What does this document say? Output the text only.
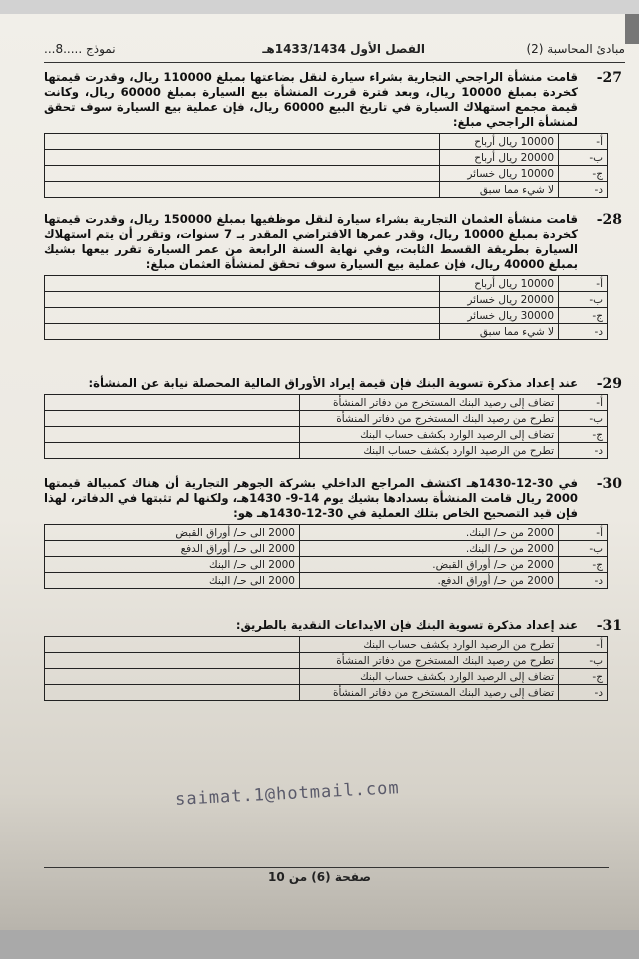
مبادئ المحاسبة (2)
الفصل الأول 1433/1434هـ
نموذج .....8...
27-
قامت منشأة الراجحي التجارية بشراء سيارة لنقل بضاعتها بمبلغ 110000 ريال، وقدرت قيمتها كخردة بمبلغ 10000 ريال، وبعد فترة قررت المنشأة بيع السيارة بمبلغ 60000 ريال، وكانت قيمة مجمع استهلاك السيارة في تاريخ البيع 60000 ريال، فإن عملية بيع السيارة سوف تحقق لمنشأة الراجحي مبلغ:
أ-	10000 ريال أرباح	
ب-	20000 ريال أرباح	
ج-	10000 ريال خسائر	
د-	لا شيء مما سبق	
28-
قامت منشأة العثمان التجارية بشراء سيارة لنقل موظفيها بمبلغ 150000 ريال، وقدرت قيمتها كخردة بمبلغ 10000 ريال، وقدر عمرها الافتراضي المقدر بـ 7 سنوات، وتقرر أن يتم استهلاك السيارة بطريقة القسط الثابت، وفي نهاية السنة الرابعة من عمر السيارة تقرر بيعها بشيك بمبلغ 40000 ريال، فإن عملية بيع السيارة سوف تحقق لمنشأة العثمان مبلغ:
أ-	10000 ريال أرباح	
ب-	20000 ريال خسائر	
ج-	30000 ريال خسائر	
د-	لا شيء مما سبق	
29-
عند إعداد مذكرة تسوية البنك فإن قيمة إيراد الأوراق المالية المحصلة نيابة عن المنشأة:
أ-	تضاف إلى رصيد البنك المستخرج من دفاتر المنشأة	
ب-	تطرح من رصيد البنك المستخرج من دفاتر المنشأة	
ج-	تضاف إلى الرصيد الوارد بكشف حساب البنك	
د-	تطرح من الرصيد الوارد بكشف حساب البنك	
30-
في 30-12-1430هـ اكتشف المراجع الداخلي بشركة الجوهر التجارية أن هناك كمبيالة قيمتها 2000 ريال قامت المنشأة بسدادها بشيك يوم 14-9- 1430هـ، ولكنها لم تثبتها في الدفاتر، لهذا فإن قيد التصحيح الخاص بتلك العملية في 30-12-1430هـ هو:
أ-	2000 من حـ/ البنك.	2000 الى حـ/ أوراق القبض
ب-	2000 من حـ/ البنك.	2000 الى حـ/ أوراق الدفع
ج-	2000 من حـ/ أوراق القبض.	2000 الى حـ/ البنك
د-	2000 من حـ/ أوراق الدفع.	2000 الى حـ/ البنك
31-
عند إعداد مذكرة تسوية البنك فإن الايداعات النقدية بالطريق:
أ-	تطرح من الرصيد الوارد بكشف حساب البنك	
ب-	تطرح من رصيد البنك المستخرج من دفاتر المنشأة	
ج-	تضاف إلى الرصيد الوارد بكشف حساب البنك	
د-	تضاف إلى رصيد البنك المستخرج من دفاتر المنشأة	
saimat.1@hotmail.com
صفحة (6) من 10
